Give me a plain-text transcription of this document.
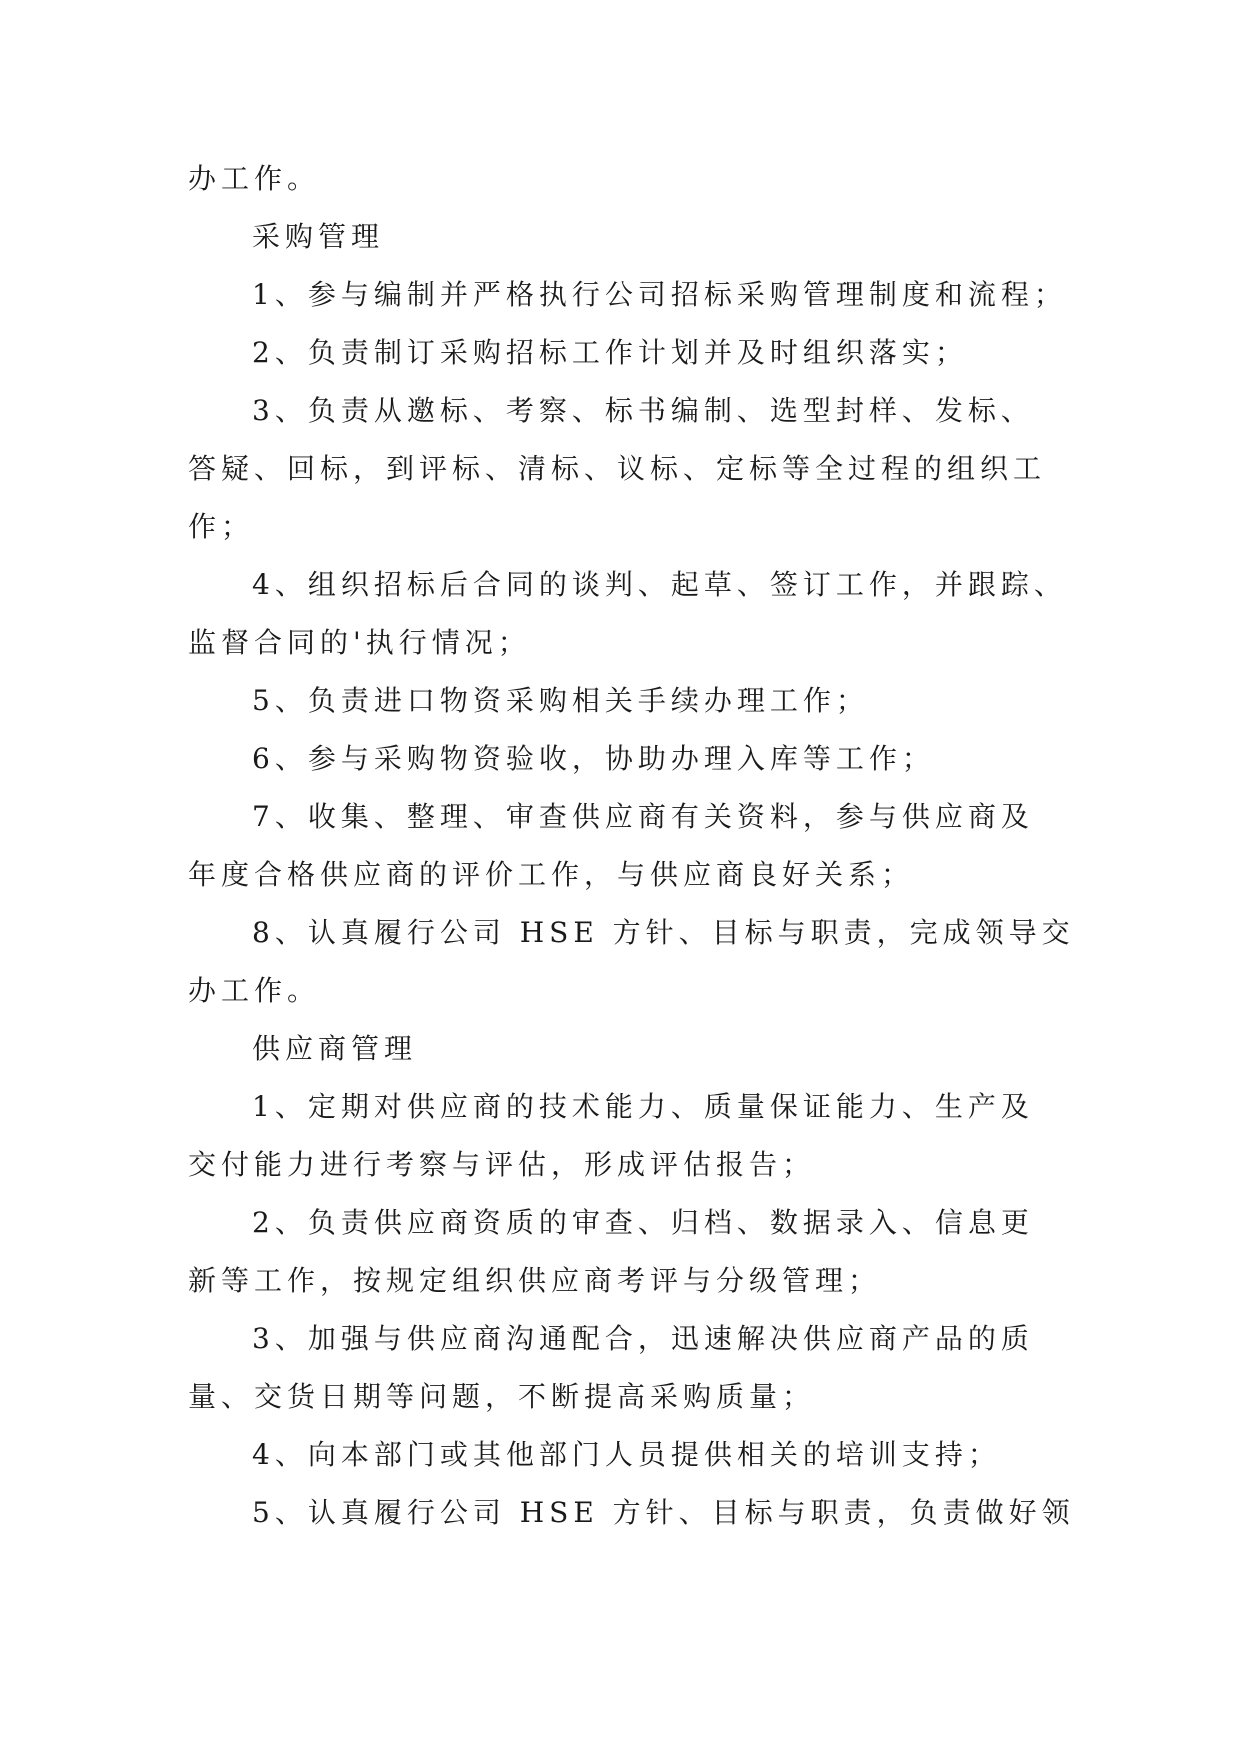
办工作。
采购管理
1、参与编制并严格执行公司招标采购管理制度和流程；
2、负责制订采购招标工作计划并及时组织落实；
3、负责从邀标、考察、标书编制、选型封样、发标、
答疑、回标，到评标、清标、议标、定标等全过程的组织工
作；
4、组织招标后合同的谈判、起草、签订工作，并跟踪、
监督合同的'执行情况；
5、负责进口物资采购相关手续办理工作；
6、参与采购物资验收，协助办理入库等工作；
7、收集、整理、审查供应商有关资料，参与供应商及
年度合格供应商的评价工作，与供应商良好关系；
8、认真履行公司 HSE 方针、目标与职责，完成领导交
办工作。
供应商管理
1、定期对供应商的技术能力、质量保证能力、生产及
交付能力进行考察与评估，形成评估报告；
2、负责供应商资质的审查、归档、数据录入、信息更
新等工作，按规定组织供应商考评与分级管理；
3、加强与供应商沟通配合，迅速解决供应商产品的质
量、交货日期等问题，不断提高采购质量；
4、向本部门或其他部门人员提供相关的培训支持；
5、认真履行公司 HSE 方针、目标与职责，负责做好领
